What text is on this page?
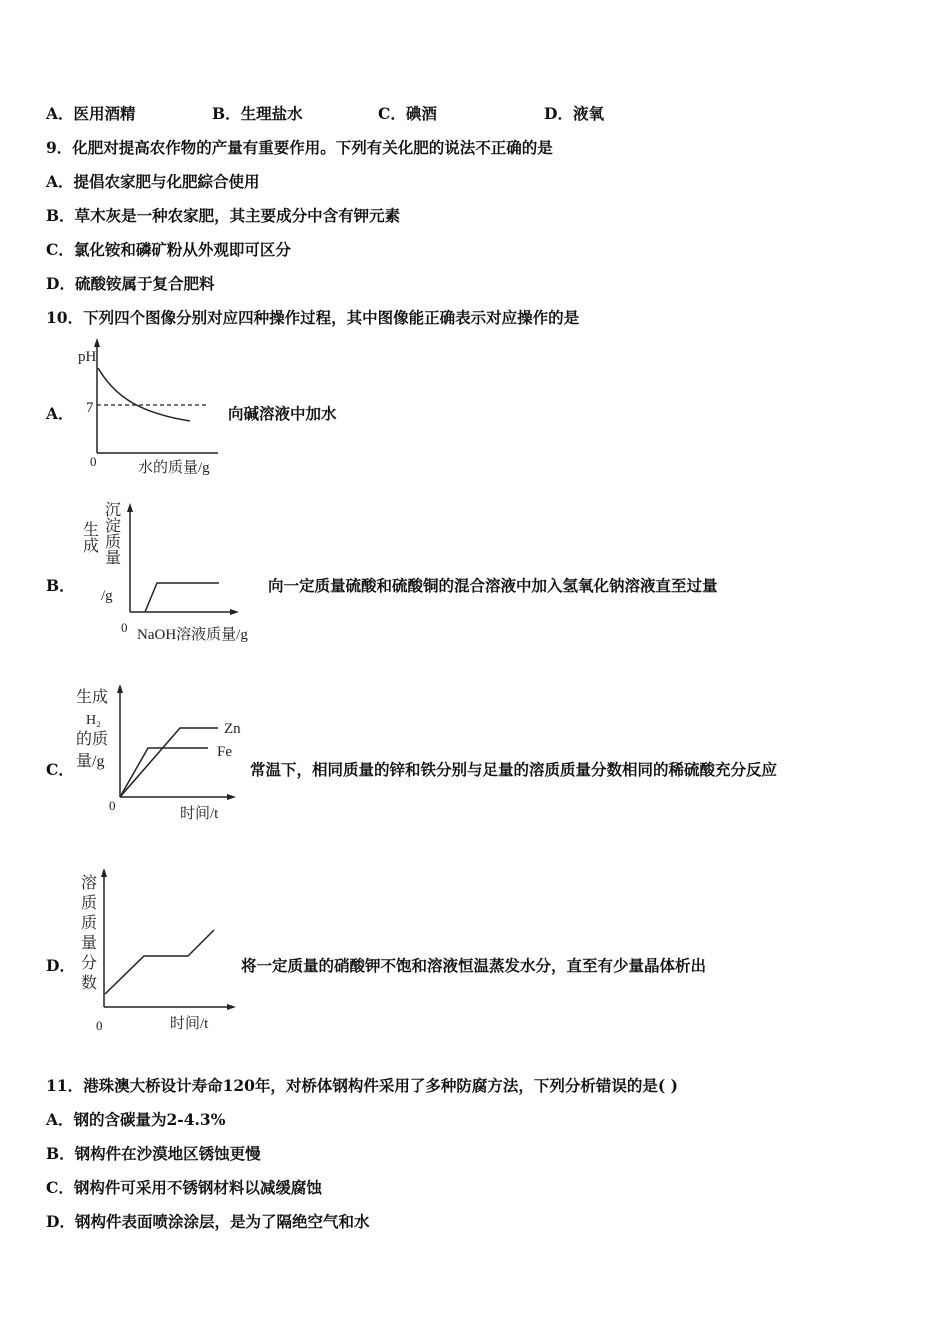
A．医用酒精	B．生理盐水	C．碘酒	D．液氧
9．化肥对提高农作物的产量有重要作用。下列有关化肥的说法不正确的是
A．提倡农家肥与化肥綜合使用
B．草木灰是一种农家肥，其主要成分中含有钾元素
C．氯化铵和磷矿粉从外观即可区分
D．硫酸铵属于复合肥料
10．下列四个图像分别对应四种操作过程，其中图像能正确表示对应操作的是
A．
pH
7
0	水的质量/g
向碱溶液中加水
B．
生成 沉淀质量
/g
0 NaOH溶液质量/g
向一定质量硫酸和硫酸铜的混合溶液中加入氢氧化钠溶液直至过量
C．
生成
H₂
的质
量/g
Zn
Fe
0
时间/t
常温下，相同质量的锌和铁分别与足量的溶质质量分数相同的稀硫酸充分反应
D． 溶质质量分数
0	时间/t
将一定质量的硝酸钾不饱和溶液恒温蒸发水分，直至有少量晶体析出
11．港珠澳大桥设计寿命120年，对桥体钢构件采用了多种防腐方法，下列分析错误的是( )
A．钢的含碳量为2-4.3%
B．钢构件在沙漠地区锈蚀更慢
C．钢构件可采用不锈钢材料以减缓腐蚀
D．钢构件表面喷涂涂层，是为了隔绝空气和水
